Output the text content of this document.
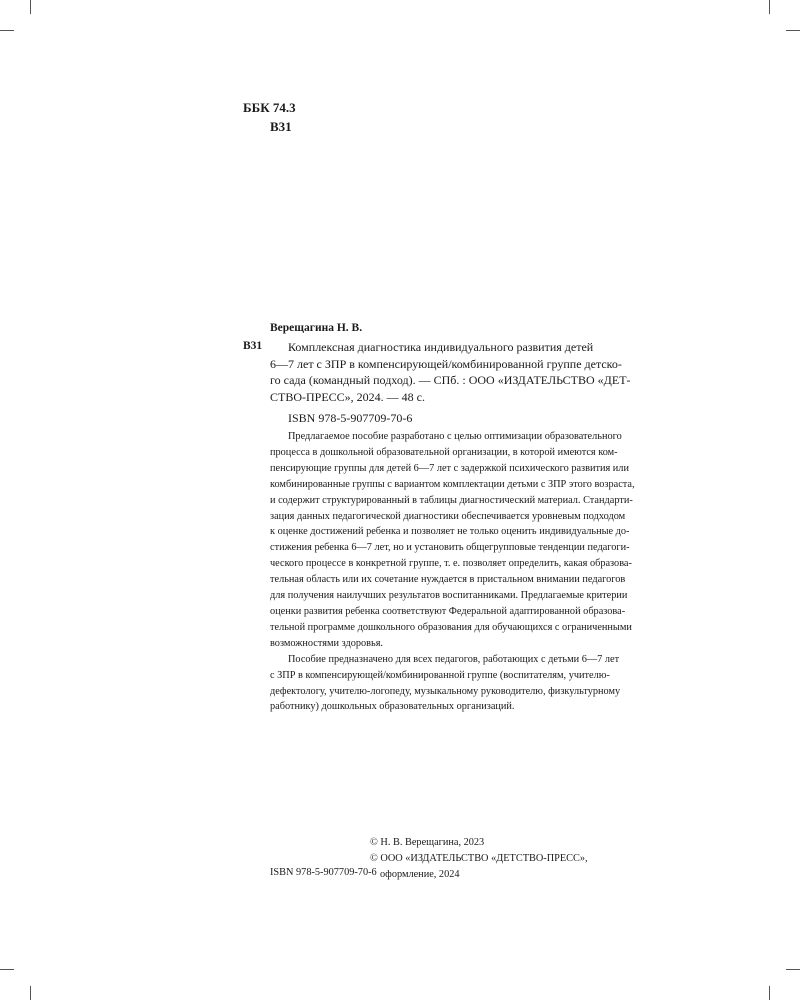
ББК 74.3
В31
Верещагина Н. В.
В31	Комплексная диагностика индивидуального развития детей
6—7 лет с ЗПР в компенсирующей/комбинированной группе детско-
го сада (командный подход). — СПб. : ООО «ИЗДАТЕЛЬСТВО «ДЕТ-
СТВО-ПРЕСС», 2024. — 48 с.
ISBN 978-5-907709-70-6
Предлагаемое пособие разработано с целью оптимизации образовательного
процесса в дошкольной образовательной организации, в которой имеются ком-
пенсирующие группы для детей 6—7 лет с задержкой психического развития или
комбинированные группы с вариантом комплектации детьми с ЗПР этого возраста,
и содержит структурированный в таблицы диагностический материал. Стандарти-
зация данных педагогической диагностики обеспечивается уровневым подходом
к оценке достижений ребенка и позволяет не только оценить индивидуальные до-
стижения ребенка 6—7 лет, но и установить общегрупповые тенденции педагоги-
ческого процессе в конкретной группе, т. е. позволяет определить, какая образова-
тельная область или их сочетание нуждается в пристальном внимании педагогов
для получения наилучших результатов воспитанниками. Предлагаемые критерии
оценки развития ребенка соответствуют Федеральной адаптированной образова-
тельной программе дошкольного образования для обучающихся с ограниченными
возможностями здоровья.
Пособие предназначено для всех педагогов, работающих с детьми 6—7 лет
с ЗПР в компенсирующей/комбинированной группе (воспитателям, учителю-
дефектологу, учителю-логопеду, музыкальному руководителю, физкультурному
работнику) дошкольных образовательных организаций.
© Н. В. Верещагина, 2023
© ООО «ИЗДАТЕЛЬСТВО «ДЕТСТВО-ПРЕСС»,
оформление, 2024
ISBN 978-5-907709-70-6
